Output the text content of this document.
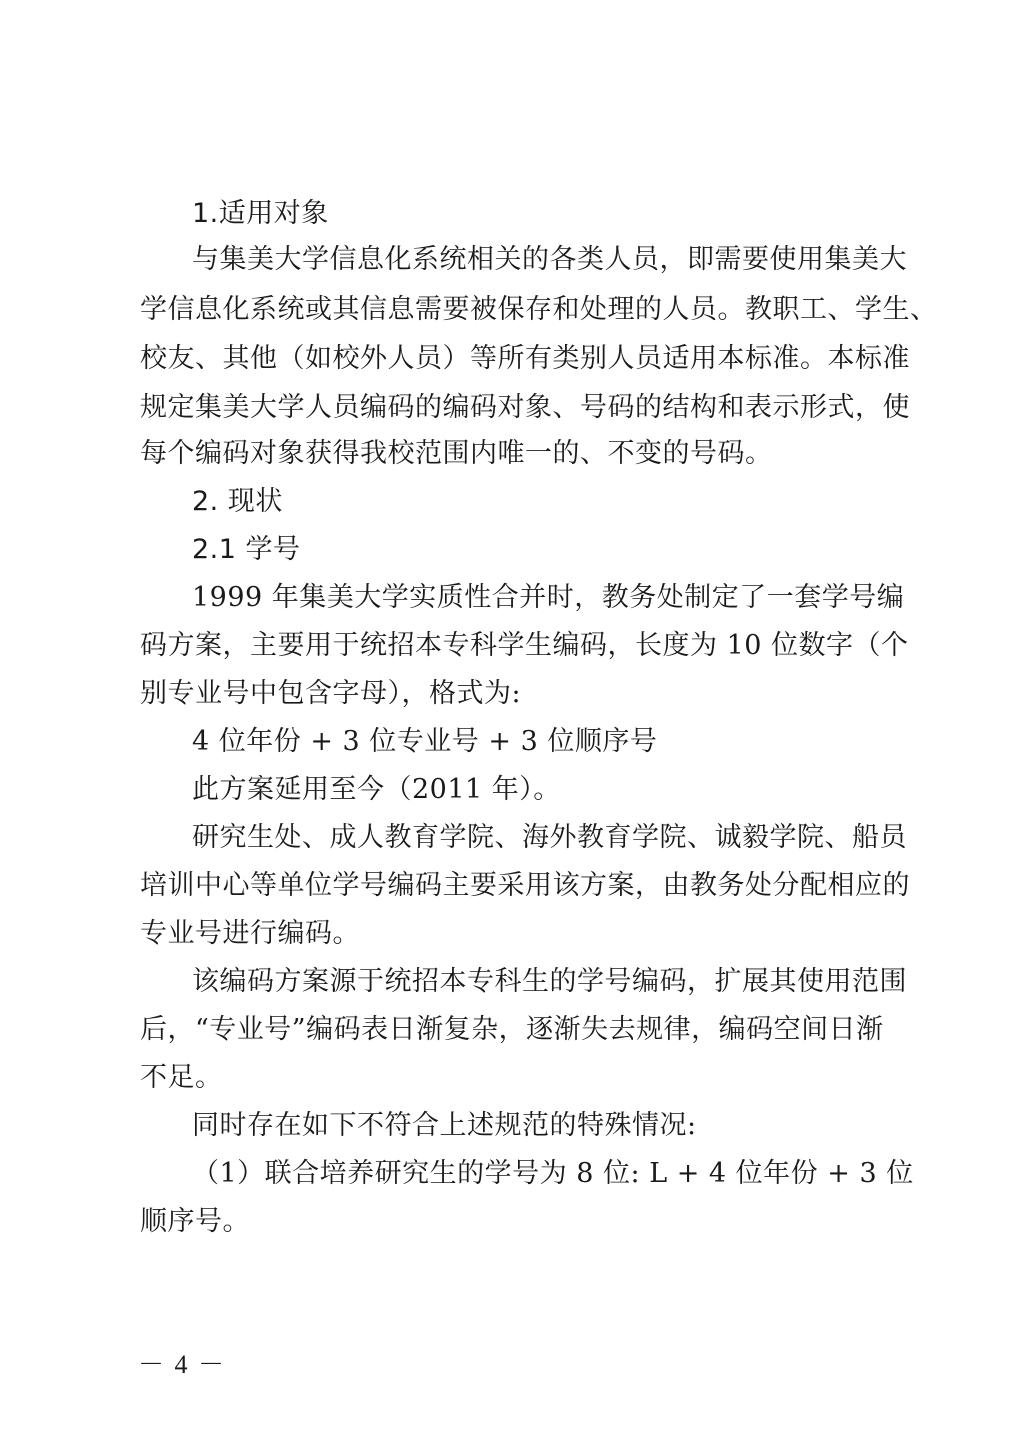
1.适用对象
与集美大学信息化系统相关的各类人员，即需要使用集美大
学信息化系统或其信息需要被保存和处理的人员。教职工、学生、
校友、其他（如校外人员）等所有类别人员适用本标准。本标准
规定集美大学人员编码的编码对象、号码的结构和表示形式，使
每个编码对象获得我校范围内唯一的、不变的号码。
2. 现状
2.1 学号
1999 年集美大学实质性合并时，教务处制定了一套学号编
码方案，主要用于统招本专科学生编码，长度为 10 位数字（个
别专业号中包含字母），格式为:
4 位年份 + 3 位专业号 + 3 位顺序号
此方案延用至今（2011 年）。
研究生处、成人教育学院、海外教育学院、诚毅学院、船员
培训中心等单位学号编码主要采用该方案，由教务处分配相应的
专业号进行编码。
该编码方案源于统招本专科生的学号编码，扩展其使用范围
后，“专业号”编码表日渐复杂，逐渐失去规律，编码空间日渐
不足。
同时存在如下不符合上述规范的特殊情况:
（1）联合培养研究生的学号为 8 位: L + 4 位年份 + 3 位
顺序号。
－ 4 －
